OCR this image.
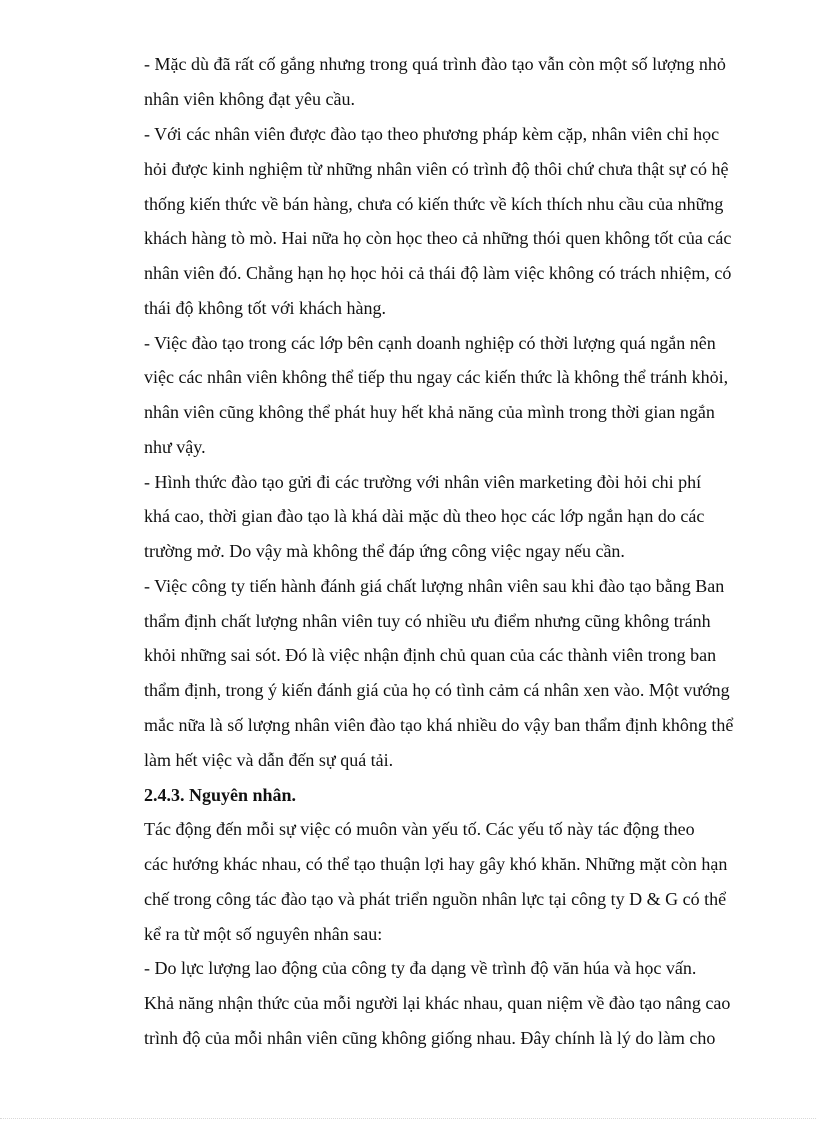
- Mặc dù đã rất cố gắng nhưng trong quá trình đào tạo vẫn còn một số lượng nhỏ
nhân viên không đạt yêu cầu.
- Với các nhân viên được đào tạo theo phương pháp kèm cặp, nhân viên chỉ học
hỏi được kinh nghiệm từ những nhân viên có trình độ thôi chứ chưa thật sự có hệ
thống kiến thức về bán hàng, chưa có kiến thức về kích thích nhu cầu của những
khách hàng tò mò. Hai nữa họ còn học theo cả những thói quen không tốt của các
nhân viên đó. Chẳng hạn họ học hỏi cả thái độ làm việc không có trách nhiệm, có
thái độ không tốt với khách hàng.
- Việc đào tạo trong các lớp bên cạnh doanh nghiệp có thời lượng quá ngắn nên
việc các nhân viên không thể tiếp thu ngay các kiến thức là không thể tránh khỏi,
nhân viên cũng không thể phát huy hết khả năng của mình trong thời gian ngắn
như vậy.
- Hình thức đào tạo gửi đi các trường với nhân viên marketing đòi hỏi chi phí
khá cao, thời gian đào tạo là khá dài mặc dù theo học các lớp ngắn hạn do các
trường mở. Do vậy mà không thể đáp ứng công việc ngay nếu cần.
- Việc công ty tiến hành đánh giá chất lượng nhân viên sau khi đào tạo bằng Ban
thẩm định chất lượng nhân viên tuy có nhiều ưu điểm nhưng cũng không tránh
khỏi những sai sót. Đó là việc nhận định chủ quan của các thành viên trong ban
thẩm định, trong ý kiến đánh giá của họ có tình cảm cá nhân xen vào. Một vướng
mắc nữa là số lượng nhân viên đào tạo khá nhiều do vậy ban thẩm định không thể
làm hết việc và dẫn đến sự quá tải.
2.4.3. Nguyên nhân.
Tác động đến mỗi sự việc có muôn vàn yếu tố. Các yếu tố này tác động theo
các hướng khác nhau, có thể tạo thuận lợi hay gây khó khăn. Những mặt còn hạn
chế trong công tác đào tạo và phát triển nguồn nhân lực tại công ty D & G có thể
kể ra từ một số nguyên nhân sau:
- Do lực lượng lao động của công ty đa dạng về trình độ văn húa và học vấn.
Khả năng nhận thức của mỗi người lại khác nhau, quan niệm về đào tạo nâng cao
trình độ của mỗi nhân viên cũng không giống nhau. Đây chính là lý do làm cho
